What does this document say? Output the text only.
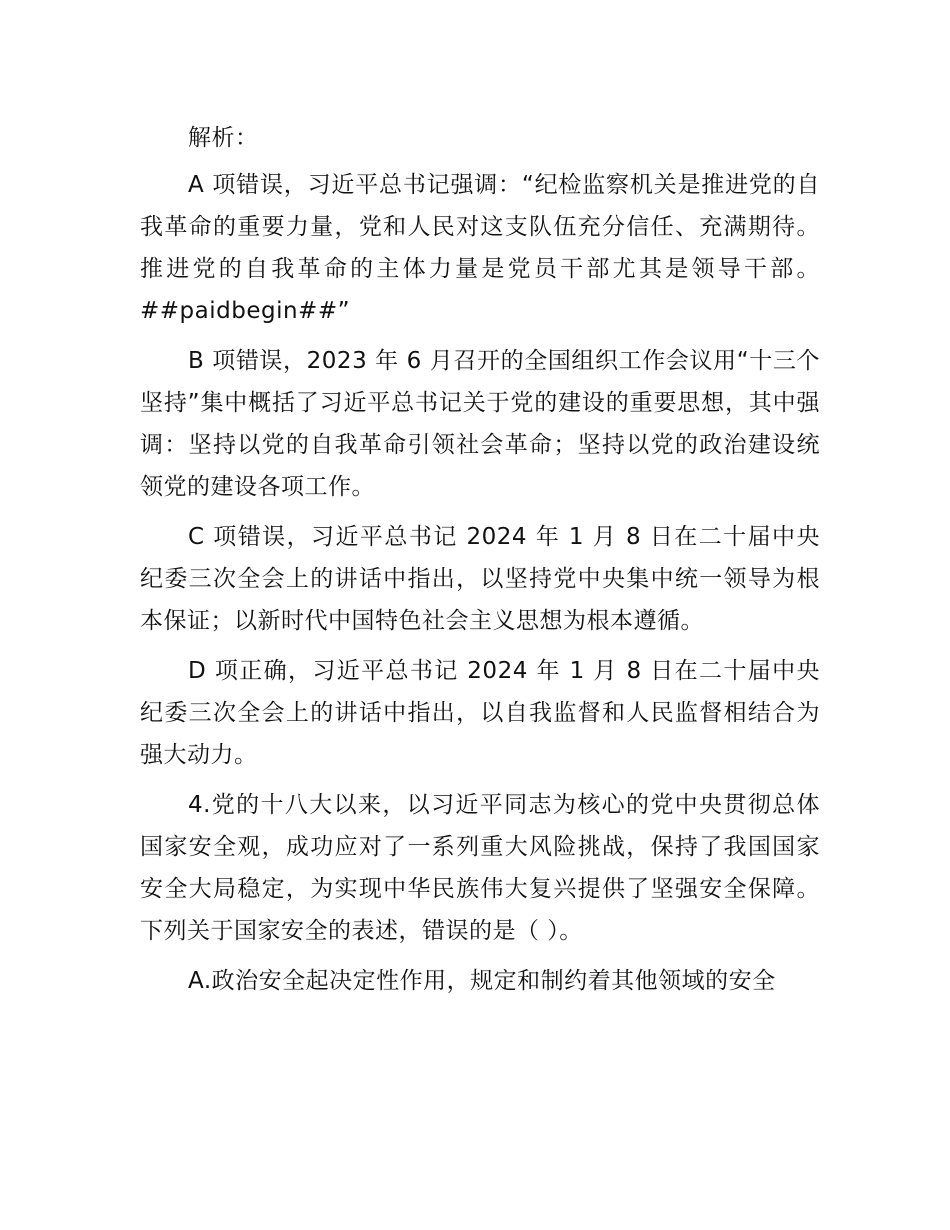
解析：

A 项错误，习近平总书记强调：“纪检监察机关是推进党的自我革命的重要力量，党和人民对这支队伍充分信任、充满期待。推进党的自我革命的主体力量是党员干部尤其是领导干部。##paidbegin##”

B 项错误，2023 年 6 月召开的全国组织工作会议用“十三个坚持”集中概括了习近平总书记关于党的建设的重要思想，其中强调：坚持以党的自我革命引领社会革命；坚持以党的政治建设统领党的建设各项工作。

C 项错误，习近平总书记 2024 年 1 月 8 日在二十届中央纪委三次全会上的讲话中指出，以坚持党中央集中统一领导为根本保证；以新时代中国特色社会主义思想为根本遵循。

D 项正确，习近平总书记 2024 年 1 月 8 日在二十届中央纪委三次全会上的讲话中指出，以自我监督和人民监督相结合为强大动力。

4.党的十八大以来，以习近平同志为核心的党中央贯彻总体国家安全观，成功应对了一系列重大风险挑战，保持了我国国家安全大局稳定，为实现中华民族伟大复兴提供了坚强安全保障。下列关于国家安全的表述，错误的是（ ）。

A.政治安全起决定性作用，规定和制约着其他领域的安全
